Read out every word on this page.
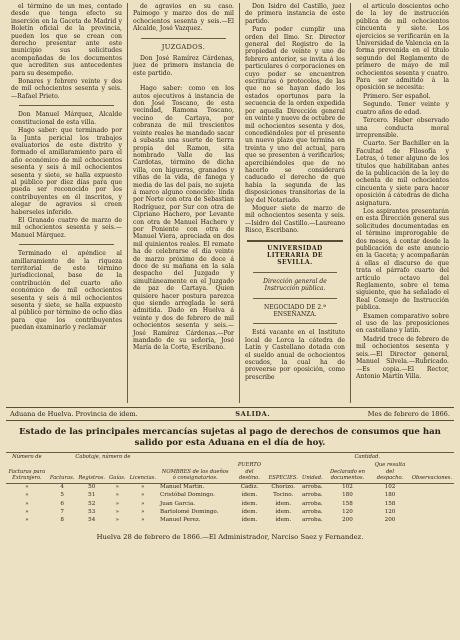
el término de un mes, contado desde que tenga efecto su inserción en la Gaceta de Madrid y Boletín oficial de la provincia, pueden los que se crean con derecho presentar ante este municipio sus solicitudes acompañadas de los documentos que acrediten sus antecedentes para su desempeño.

Bonares y febrero veinte y dos de mil ochocientos sesenta y seis.—Rafael Prieto.

Don Manuel Márquez, Alcalde constitucional de esta villa.

Hago saber: que terminado por la Junta pericial los trabajos evaluatorios de este distrito y formado el amillaramiento para el año económico de mil ochocientos sesenta y seis á mil ochocientos sesenta y siete, se halla expuesto al público por diez días para que pueda ser reconocido por los contribuyentes en él inscritos, y alegar de agravios si creen haberseles inferido.

El Granado cuatro de marzo de mil ochocientos sesenta y seis.—Manuel Márquez.

Terminado el apéndice al amillaramiento de la riqueza territorial de este término jurisdiccional, base de la contribución del cuarto año económico de mil ochocientos sesenta y seis á mil ochocientos sesenta y siete, se halla expuesto al público por término de ocho días para que los contribuyentes puedan examinarlo y reclamar

de agravios en su caso. Paimogo y marzo dos de mil ochocientos sesenta y seis.—El Alcalde, José Vazquez.

JUZGADOS.

Don José Ramírez Cárdenas, juez de primera instancia de este partido.

Hago saber: como en los autos ejecutivos á instancia de don José Toscano, de esta vecindad, Ramona Toscano, vecino de Cartaya, por cobranza de mil trescientos veinte reales he mandado sacar á subasta una suerte de tierra propia del Ramon, sita nombrado Valle de las Cardotas, término de dicha villa, con higueras, granados y viñas de la vida, de fanega y media de las del país, no sujeta á marco alguno conocido: linda por Norte con otra de Sebastian Rodríguez, por Sur con otra de Cipriano Hachero, por Levante con otra de Manuel Hachero y por Poniente con otra de Manuel Viera, apreciada en dos mil quinientos reales. El remate ha de celebrarse el día veinte de marzo próximo de doce á doce de su mañana en la sala despacho del Juzgado y simultáneamente en el Juzgado de paz de Cartaya. Quien quisiere hacer postura parezca que siendo arreglada le será admitida. Dado en Huelva á veinte y dos de febrero de mil ochocientos sesenta y seis.—José Ramírez Cárdenas.—Por mandado de su señoría, José María de la Corte, Escribano.

Don Isidro del Castillo, juez de primera instancia de este partido.

Para poder cumplir una orden del Ilmo. Sr. Director general del Registro de la propiedad de veinte y uno de febrero anterior, se invita á los particulares ó corporaciones en cuyo poder se encuentren escrituras ó protocolos, de las que no se hayan dado los estados oportunos para la secuencia de la orden expedida por aquella Dirección general en veinte y nueve de octubre de mil ochocientos sesenta y dos, concediéndoles por el presente un nuevo plazo que termina en treinta y uno del actual, para que se presenten á verificarlos; apercibiéndoles que de no hacerlo se considerará caducado el derecho de que había la segunda de las disposiciones transitorias de la ley del Notariado.

Moguer siete de marzo de mil ochocientos sesenta y seis.—Isidro del Castillo.—Laureano Risco, Escribano.

UNIVERSIDAD LITERARIA DE
SEVILLA.
Dirección general de Instrucción pública.
NEGOCIADO DE 2.ª ENSEÑANZA.

Está vacante en el Instituto local de Lorca la cátedra de Latín y Castellano dotada con el sueldo anual de ochocientos escudos, la cual ha de proveerse por oposición, como prescribe

el artículo doscientos ocho de la ley de instrucción pública de mil ochocientos cincuenta y siete. Los ejercicios se verificarán en la Universidad de Valencia en la forma prevenida en el título segundo del Reglamento de primero de mayo de mil ochocientos sesenta y cuatro. Para ser admitido á la oposición se necesita:

Primero. Ser español.

Segundo. Tener veinte y cuatro años de edad.

Tercero. Haber observado una conducta moral irreprensible.

Cuarto. Ser Bachiller en la Facultad de Filosofía y Letras, ó tener alguno de los títulos que habilitaban antes de la publicación de la ley de ochenta de mil ochocientos cincuenta y siete para hacer oposición á cátedras de dicha asignatura.

Los aspirantes presentarán en esta Dirección general sus solicitudes documentadas en el término improrogable de dos meses, á contar desde la publicación de este anuncio en la Gaceta; y acompañarán á ellas el discurso de que trata el párrafo cuarto del artículo octavo del Reglamento, sobre el tema siguiente, que ha señalado el Real Consejo de Instrucción pública.

Examen comparativo sobre el uso de las preposiciones en castellano y latín.

Madrid trece de febrero de mil ochocientos sesenta y seis.—El Director general, Manuel Silvela.—Rubricado.—Es copia.—El Rector, Antonio Martín Villa.

Aduana de Huelva. Provincia de idem.	SALIDA.	Mes de febrero de 1866.
Estado de las principales mercancías sujetas al pago de derechos de consumos que han salido por esta Aduana en el día de hoy.
Número de	Cabotaje, número de								Cantidad.		
Facturas para Extranjero.	Facturas.	Registros.	Guías.	Licencias.	NOMBRES de los dueños ó consignatarios.	PUERTO del destino.	ESPECIES.	Unidad.	Declarado en documentos.	Que resulta del despacho.	Observaciones.
»	4	50	»	»	Manuel Martín.	Cádiz.	Chorizo.	arroba.	102	102	
»	5	51	»	»	Cristóbal Domingo.	ídem.	Tocino.	arroba.	180	180	
»	6	52	»	»	Juan Garcia.	ídem.	ídem.	arroba.	158	158	
»	7	53	»	»	Bartolomé Domingo.	ídem.	ídem.	arroba.	120	120	
»	8	54	»	»	Manuel Perez.	ídem.	ídem.	arroba.	200	200	
Huelva 28 de febrero de 1866.—El Administrador, Narciso Saez y Fernandez.
